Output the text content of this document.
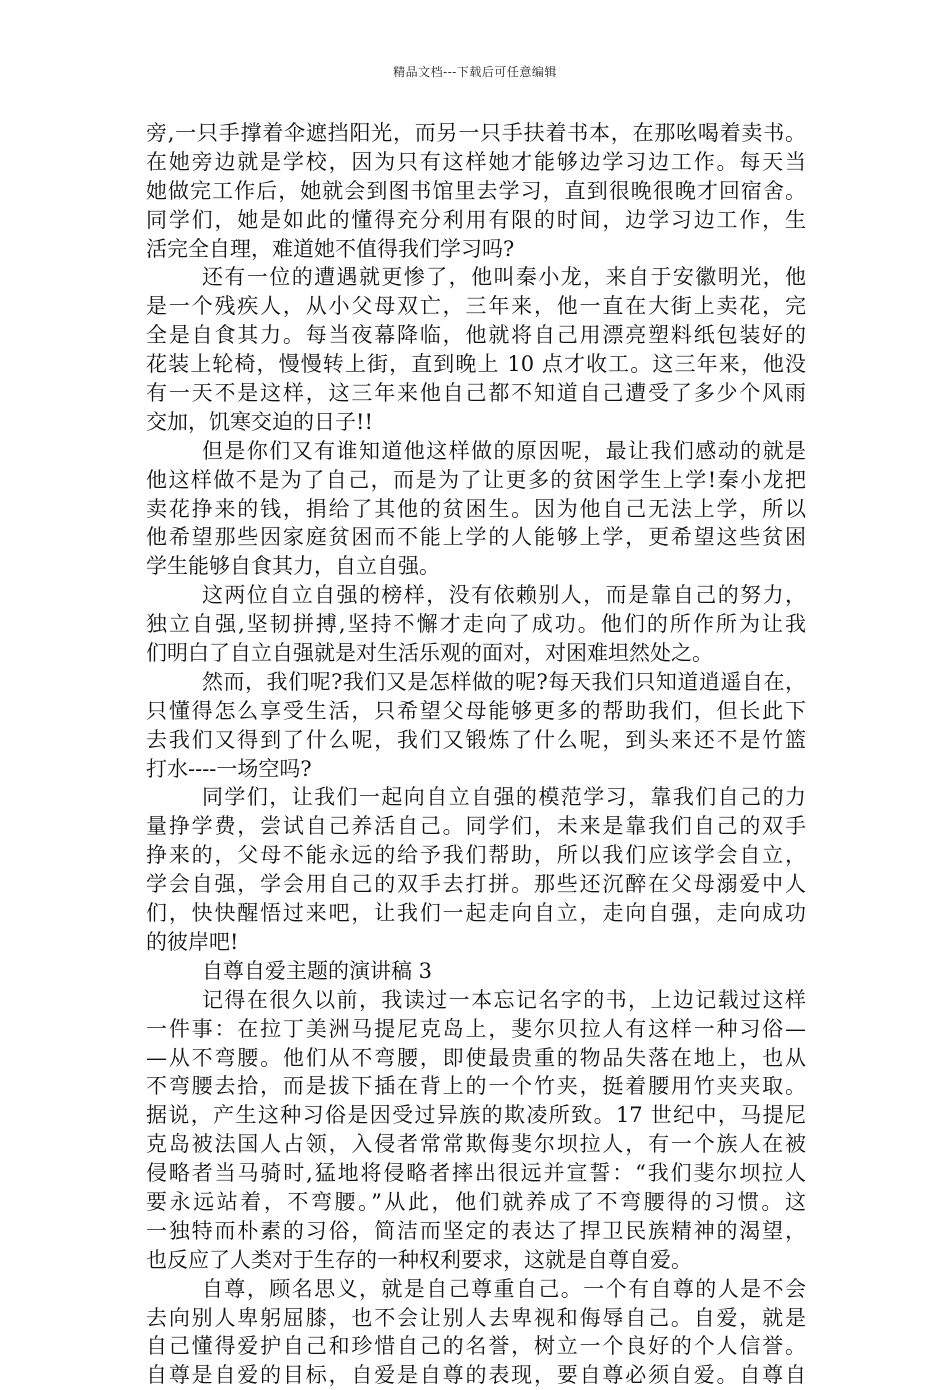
精品文档---下载后可任意编辑
旁,一只手撑着伞遮挡阳光，而另一只手扶着书本，在那吆喝着卖书。
在她旁边就是学校，因为只有这样她才能够边学习边工作。每天当
她做完工作后，她就会到图书馆里去学习，直到很晚很晚才回宿舍。
同学们，她是如此的懂得充分利用有限的时间，边学习边工作，生
活完全自理，难道她不值得我们学习吗?
还有一位的遭遇就更惨了，他叫秦小龙，来自于安徽明光，他
是一个残疾人，从小父母双亡，三年来，他一直在大街上卖花，完
全是自食其力。每当夜幕降临，他就将自己用漂亮塑料纸包装好的
花装上轮椅，慢慢转上街，直到晚上 10 点才收工。这三年来，他没
有一天不是这样，这三年来他自己都不知道自己遭受了多少个风雨
交加，饥寒交迫的日子!!
但是你们又有谁知道他这样做的原因呢，最让我们感动的就是
他这样做不是为了自己，而是为了让更多的贫困学生上学!秦小龙把
卖花挣来的钱，捐给了其他的贫困生。因为他自己无法上学，所以
他希望那些因家庭贫困而不能上学的人能够上学，更希望这些贫困
学生能够自食其力，自立自强。
这两位自立自强的榜样，没有依赖别人，而是靠自己的努力，
独立自强,坚韧拼搏,坚持不懈才走向了成功。他们的所作所为让我
们明白了自立自强就是对生活乐观的面对，对困难坦然处之。
然而，我们呢?我们又是怎样做的呢?每天我们只知道逍遥自在，
只懂得怎么享受生活，只希望父母能够更多的帮助我们，但长此下
去我们又得到了什么呢，我们又锻炼了什么呢，到头来还不是竹篮
打水----一场空吗?
同学们，让我们一起向自立自强的模范学习，靠我们自己的力
量挣学费，尝试自己养活自己。同学们，未来是靠我们自己的双手
挣来的，父母不能永远的给予我们帮助，所以我们应该学会自立，
学会自强，学会用自己的双手去打拼。那些还沉醉在父母溺爱中人
们，快快醒悟过来吧，让我们一起走向自立，走向自强，走向成功
的彼岸吧!
自尊自爱主题的演讲稿 3
记得在很久以前，我读过一本忘记名字的书，上边记载过这样
一件事：在拉丁美洲马提尼克岛上，斐尔贝拉人有这样一种习俗—
—从不弯腰。他们从不弯腰，即使最贵重的物品失落在地上，也从
不弯腰去拾，而是拔下插在背上的一个竹夹，挺着腰用竹夹夹取。
据说，产生这种习俗是因受过异族的欺凌所致。17 世纪中，马提尼
克岛被法国人占领，入侵者常常欺侮斐尔坝拉人，有一个族人在被
侵略者当马骑时,猛地将侵略者摔出很远并宣誓：“我们斐尔坝拉人
要永远站着，不弯腰。”从此，他们就养成了不弯腰得的习惯。这
一独特而朴素的习俗，简洁而坚定的表达了捍卫民族精神的渴望，
也反应了人类对于生存的一种权利要求，这就是自尊自爱。
自尊，顾名思义，就是自己尊重自己。一个有自尊的人是不会
去向别人卑躬屈膝，也不会让别人去卑视和侮辱自己。自爱，就是
自己懂得爱护自己和珍惜自己的名誉，树立一个良好的个人信誉。
自尊是自爱的目标，自爱是自尊的表现，要自尊必须自爱。自尊自
